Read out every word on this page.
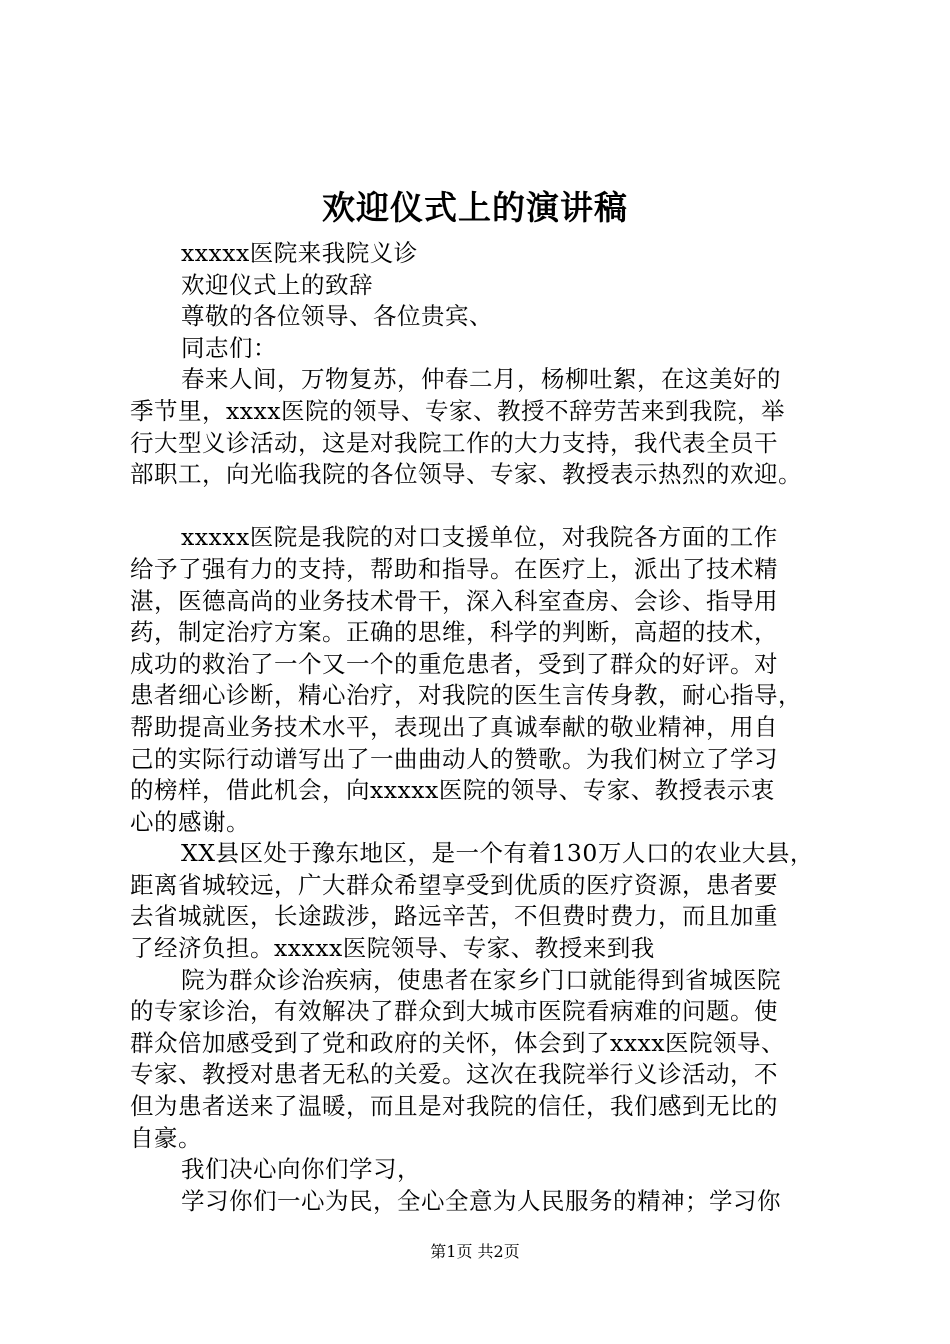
欢迎仪式上的演讲稿
xxxxx医院来我院义诊
欢迎仪式上的致辞
尊敬的各位领导、各位贵宾、
同志们：
春来人间，万物复苏，仲春二月，杨柳吐絮，在这美好的
季节里，xxxx医院的领导、专家、教授不辞劳苦来到我院，举
行大型义诊活动，这是对我院工作的大力支持，我代表全员干
部职工，向光临我院的各位领导、专家、教授表示热烈的欢迎。
xxxxx医院是我院的对口支援单位，对我院各方面的工作
给予了强有力的支持，帮助和指导。在医疗上，派出了技术精
湛，医德高尚的业务技术骨干，深入科室查房、会诊、指导用
药，制定治疗方案。正确的思维，科学的判断，高超的技术，
成功的救治了一个又一个的重危患者，受到了群众的好评。对
患者细心诊断，精心治疗，对我院的医生言传身教，耐心指导，
帮助提高业务技术水平，表现出了真诚奉献的敬业精神，用自
己的实际行动谱写出了一曲曲动人的赞歌。为我们树立了学习
的榜样，借此机会，向xxxxx医院的领导、专家、教授表示衷
心的感谢。
XX县区处于豫东地区，是一个有着130万人口的农业大县，
距离省城较远，广大群众希望享受到优质的医疗资源，患者要
去省城就医，长途跋涉，路远辛苦，不但费时费力，而且加重
了经济负担。xxxxx医院领导、专家、教授来到我
院为群众诊治疾病，使患者在家乡门口就能得到省城医院
的专家诊治，有效解决了群众到大城市医院看病难的问题。使
群众倍加感受到了党和政府的关怀，体会到了xxxx医院领导、
专家、教授对患者无私的关爱。这次在我院举行义诊活动，不
但为患者送来了温暖，而且是对我院的信任，我们感到无比的
自豪。
我们决心向你们学习，
学习你们一心为民，全心全意为人民服务的精神；学习你
第1页 共2页
